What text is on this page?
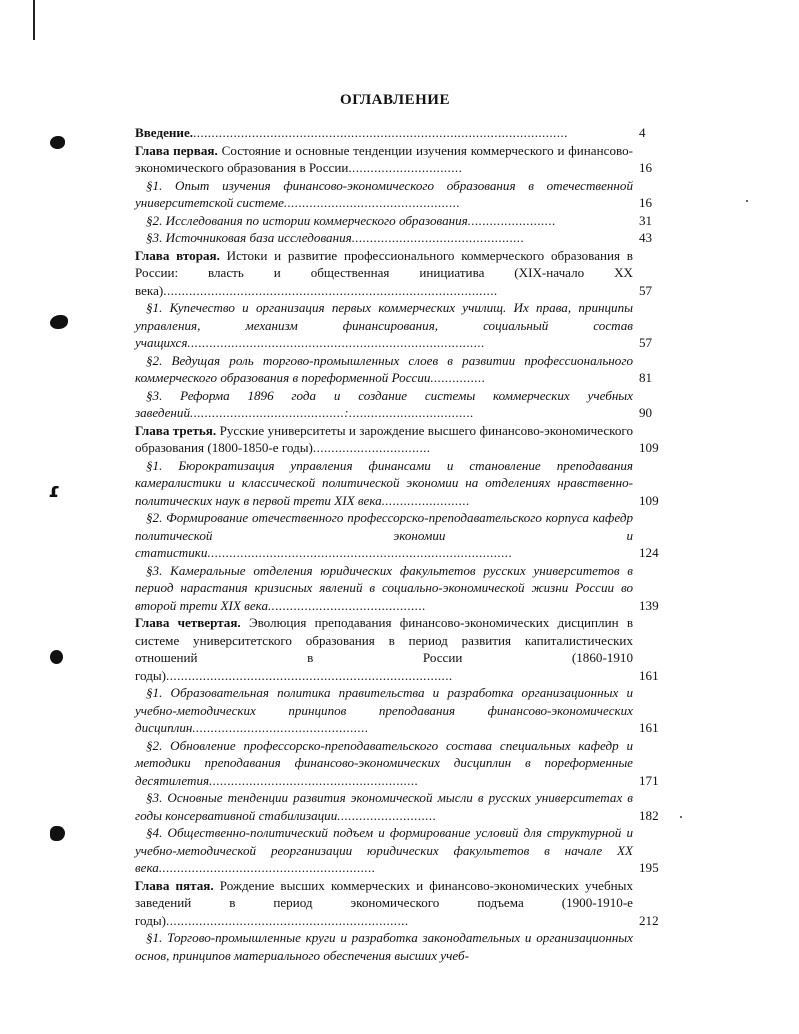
ɾ
ОГЛАВЛЕНИЕ
Введение.......................................................................................................	4
Глава первая. Состояние и основные тенденции изучения коммерческого и финансово-экономического образования в России...............................	16
§1. Опыт изучения финансово-экономического образования в отечественной университетской системе................................................	16
§2. Исследования по истории коммерческого образования........................	31
§3. Источниковая база исследования...............................................	43
Глава вторая. Истоки и развитие профессионального коммерческого образования в России: власть и общественная инициатива (XIX-начало XX века)...........................................................................................	57
§1. Купечество и организация первых коммерческих училищ. Их права, принципы управления, механизм финансирования, социальный состав учащихся.................................................................................	57
§2. Ведущая роль торгово-промышленных слоев в развитии профессионального коммерческого образования в пореформенной России...............	81
§3. Реформа 1896 года и создание системы коммерческих учебных заведений..........................................:..................................	90
Глава третья. Русские университеты и зарождение высшего финансово-экономического образования (1800-1850-е годы)................................	109
§1. Бюрократизация управления финансами и становление преподавания камералистики и классической политической экономии на отделениях нравственно-политических наук в первой трети XIX века........................	109
§2. Формирование отечественного профессорско-преподавательского корпуса кафедр политической экономии и статистики...................................................................................	124
§3. Камеральные отделения юридических факультетов русских университетов в период нарастания кризисных явлений в социально-экономической жизни России во второй трети XIX века...........................................	139
Глава четвертая. Эволюция преподавания финансово-экономических дисциплин в системе университетского образования в период развития капиталистических отношений в России (1860-1910 годы)..............................................................................	161
§1. Образовательная политика правительства и разработка организационных и учебно-методических принципов преподавания финансово-экономических дисциплин................................................	161
§2. Обновление профессорско-преподавательского состава специальных кафедр и методики преподавания финансово-экономических дисциплин в пореформенные десятилетия.........................................................	171
§3. Основные тенденции развития экономической мысли в русских университетах в годы консервативной стабилизации...........................	182
§4. Общественно-политический подъем и формирование условий для структурной и учебно-методической реорганизации юридических факультетов в начале XX века...........................................................	195
Глава пятая. Рождение высших коммерческих и финансово-экономических учебных заведений в период экономического подъема (1900-1910-е годы)..................................................................	212
§1. Торгово-промышленные круги и разработка законодательных и организационных основ, принципов материального обеспечения высших учеб-
